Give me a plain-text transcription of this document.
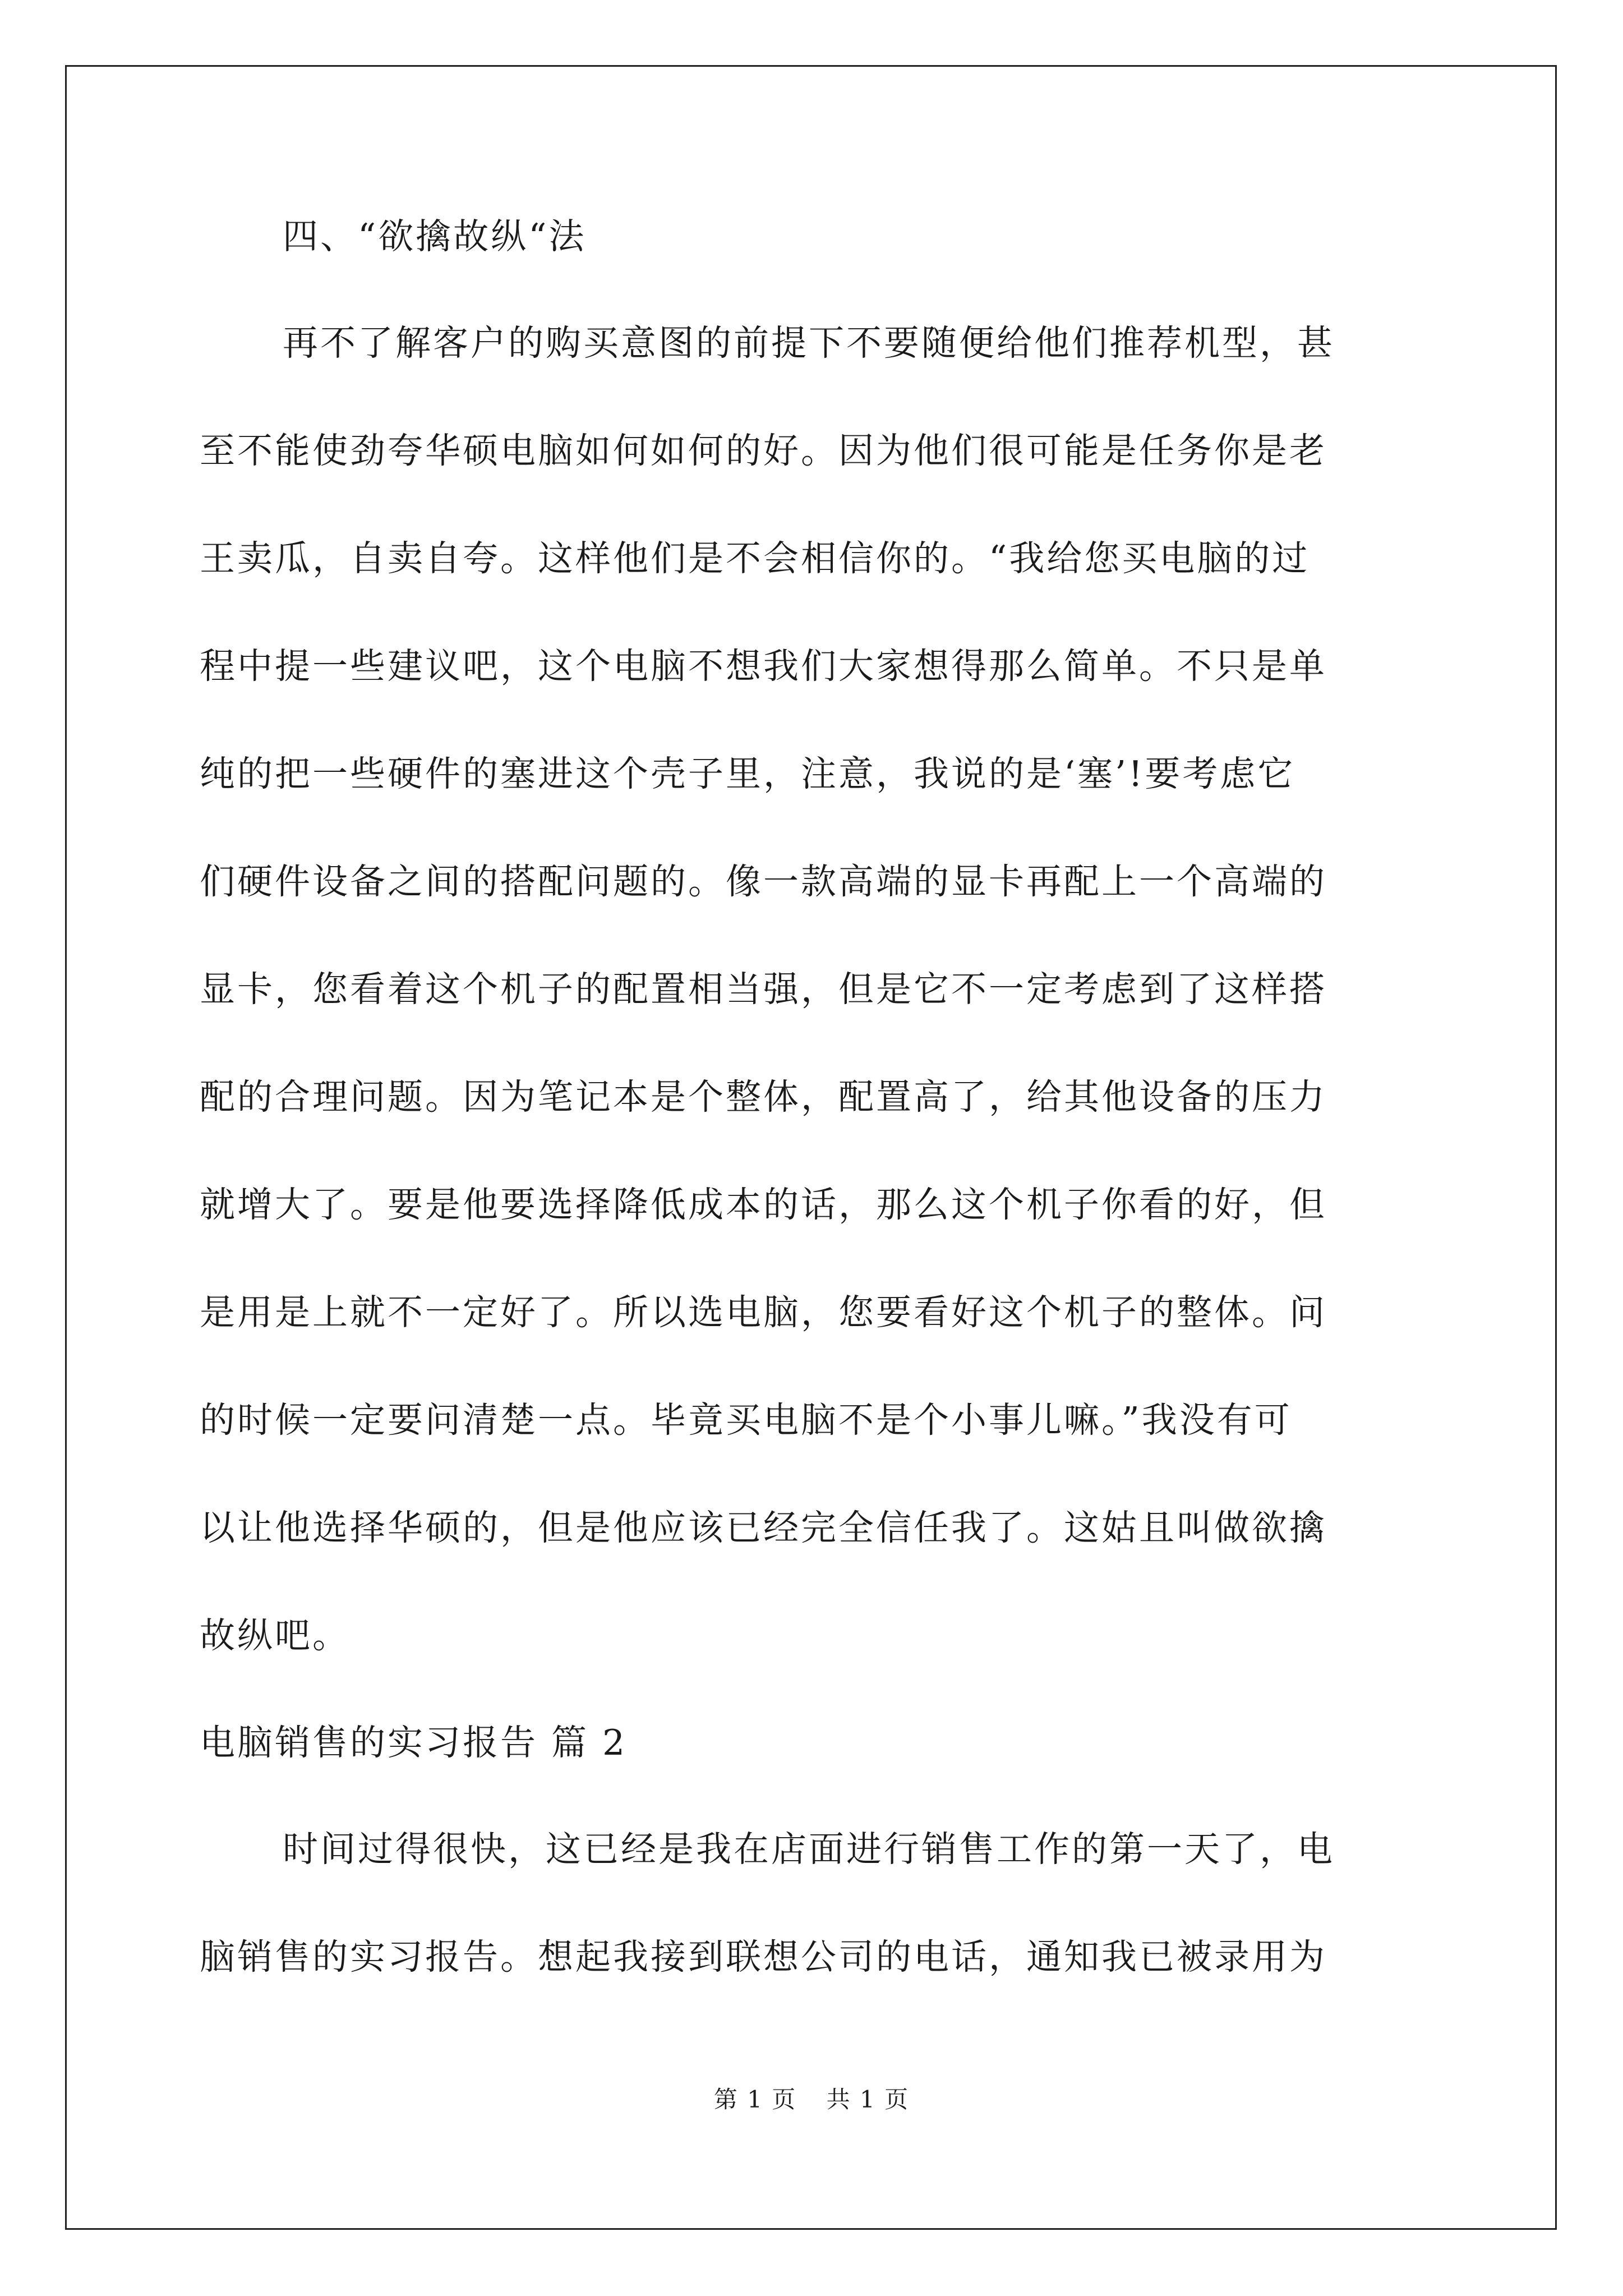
四、“欲擒故纵“法
再不了解客户的购买意图的前提下不要随便给他们推荐机型，甚
至不能使劲夸华硕电脑如何如何的好。因为他们很可能是任务你是老
王卖瓜，自卖自夸。这样他们是不会相信你的。“我给您买电脑的过
程中提一些建议吧，这个电脑不想我们大家想得那么简单。不只是单
纯的把一些硬件的塞进这个壳子里，注意，我说的是‘塞’!要考虑它
们硬件设备之间的搭配问题的。像一款高端的显卡再配上一个高端的
显卡，您看着这个机子的配置相当强，但是它不一定考虑到了这样搭
配的合理问题。因为笔记本是个整体，配置高了，给其他设备的压力
就增大了。要是他要选择降低成本的话，那么这个机子你看的好，但
是用是上就不一定好了。所以选电脑，您要看好这个机子的整体。问
的时候一定要问清楚一点。毕竟买电脑不是个小事儿嘛。”我没有可
以让他选择华硕的，但是他应该已经完全信任我了。这姑且叫做欲擒
故纵吧。
电脑销售的实习报告 篇 2
时间过得很快，这已经是我在店面进行销售工作的第一天了，电
脑销售的实习报告。想起我接到联想公司的电话，通知我已被录用为
第 1 页 共 1 页
